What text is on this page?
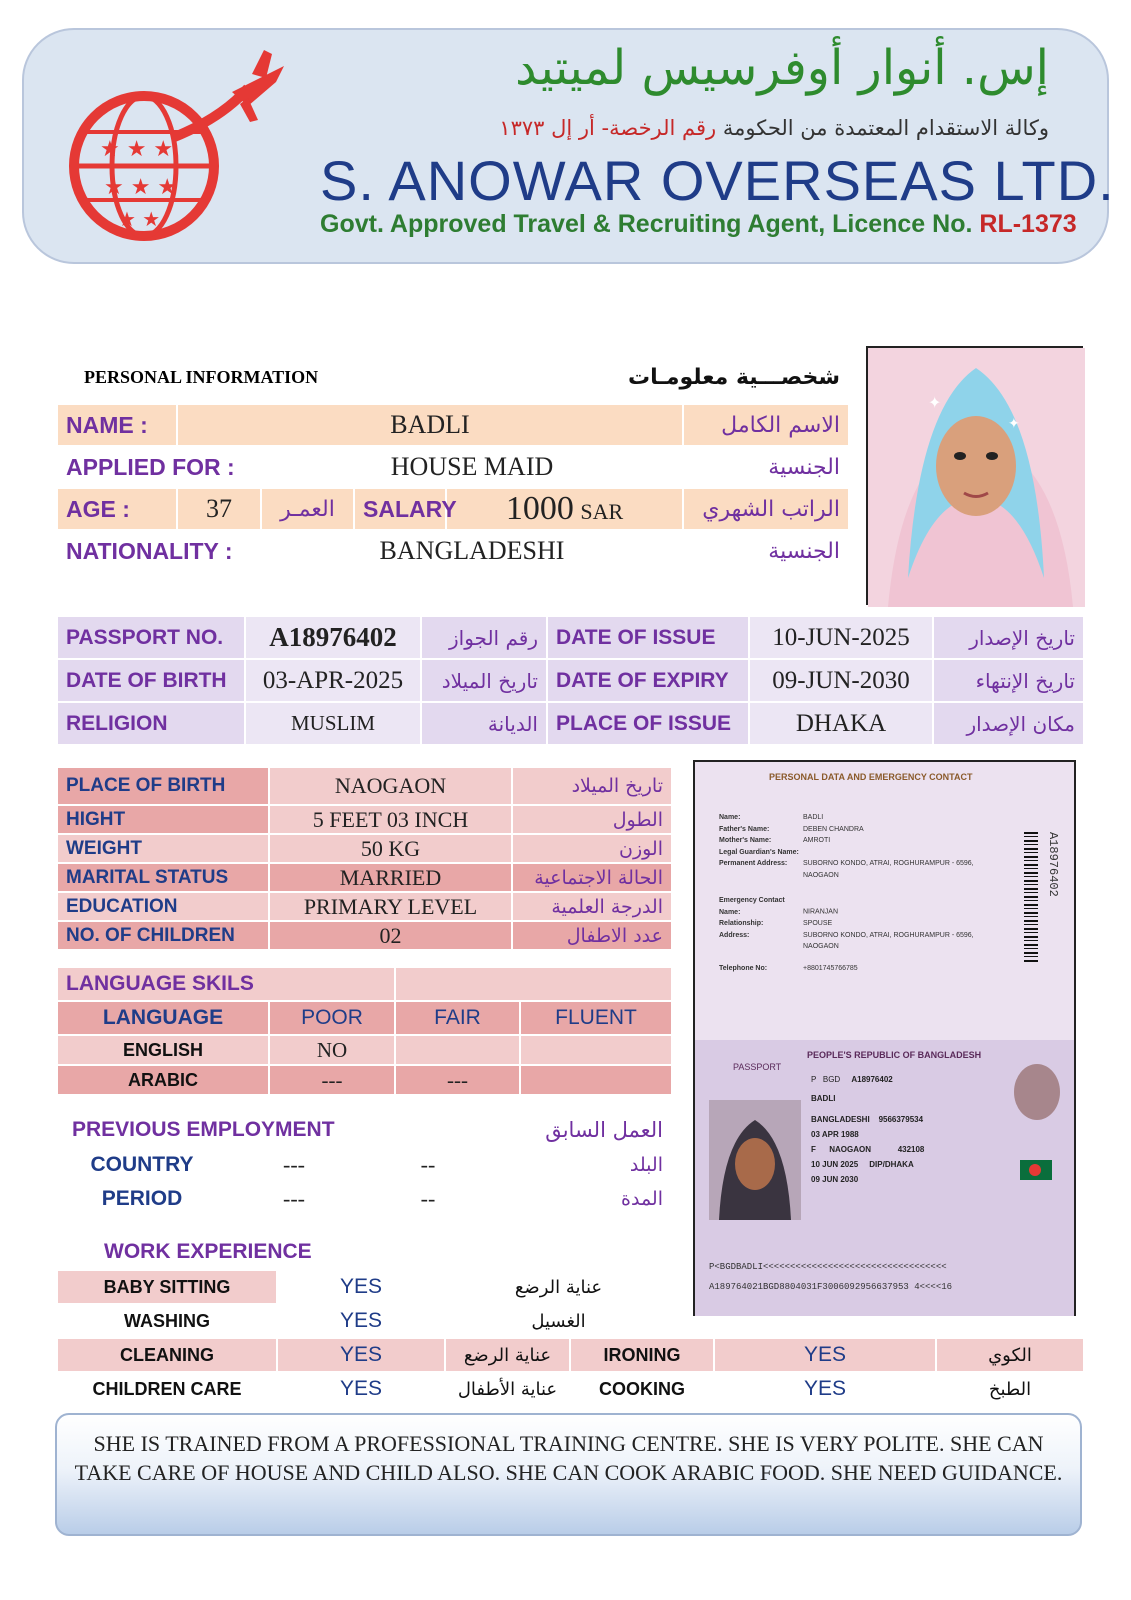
★ ★ ★
★ ★ ★
★ ★
إس. أنوار أوفرسيس لميتيد
وكالة الاستقدام المعتمدة من الحكومة رقم الرخصة- أر إل ١٣٧٣
S. ANOWAR OVERSEAS LTD.
Govt. Approved Travel & Recruiting Agent, Licence No. RL-1373
PERSONAL INFORMATION					شخصـــية معلومـات	
NAME :	BADLI					الاسم الكامل
APPLIED FOR :		HOUSE MAID				الجنسية
AGE :	37	العمـر	SALARY	1000 SAR		الراتب الشهري
NATIONALITY :		BANGLADESHI				الجنسية
✦
✦
PASSPORT NO.	A18976402	رقم الجواز	DATE OF ISSUE	10-JUN-2025	تاريخ الإصدار
DATE OF BIRTH	03-APR-2025	تاريخ الميلاد	DATE OF EXPIRY	09-JUN-2030	تاريخ الإنتهاء
RELIGION	MUSLIM	الديانة	PLACE OF ISSUE	DHAKA	مكان الإصدار
PLACE OF BIRTH	NAOGAON	تاريخ الميلاد
HIGHT	5 FEET 03 INCH	الطول
WEIGHT	50 KG	الوزن
MARITAL STATUS	MARRIED	الحالة الاجتماعية
EDUCATION	PRIMARY LEVEL	الدرجة العلمية
NO. OF CHILDREN	02	عدد الاطفال
LANGUAGE SKILS			
LANGUAGE	POOR	FAIR	FLUENT
ENGLISH	NO		
ARABIC	---	---	
PREVIOUS EMPLOYMENT		العمل السابق	
COUNTRY	---	--	البلد
PERIOD	---	--	المدة
WORK EXPERIENCE		
BABY SITTING	YES	عناية الرضع
WASHING	YES	الغسيل
CLEANING	YES	عناية الرضع	IRONING	YES	الكوي
CHILDREN CARE	YES	عناية الأطفال	COOKING	YES	الطبخ
PERSONAL DATA AND EMERGENCY CONTACT
Name:	BADLI
Father's Name:	DEBEN CHANDRA
Mother's Name:	AMROTI
Legal Guardian's Name:
Permanent Address: SUBORNO KONDO, ATRAI, ROGHURAMPUR - 6596, NAOGAON
Emergency Contact Name:	NIRANJAN
Relationship:	SPOUSE
Address:	SUBORNO KONDO, ATRAI, ROGHURAMPUR - 6596, NAOGAON
Telephone No:	+8801745766785
A18976402
PEOPLE'S REPUBLIC OF BANGLADESH
PASSPORT
P BGD A18976402
BADLI
BANGLADESHI 9566379534
03 APR 1988
F NAOGAON	432108
10 JUN 2025 DIP/DHAKA
09 JUN 2030
P<BGDBADLI<<<<<<<<<<<<<<<<<<<<<<<<<<<<<<<<<<
A189764021BGD8804031F3006092956637953 4<<<<16
SHE IS TRAINED FROM A PROFESSIONAL TRAINING CENTRE. SHE IS VERY POLITE. SHE CAN
TAKE CARE OF HOUSE AND CHILD ALSO. SHE CAN COOK ARABIC FOOD. SHE NEED GUIDANCE.
